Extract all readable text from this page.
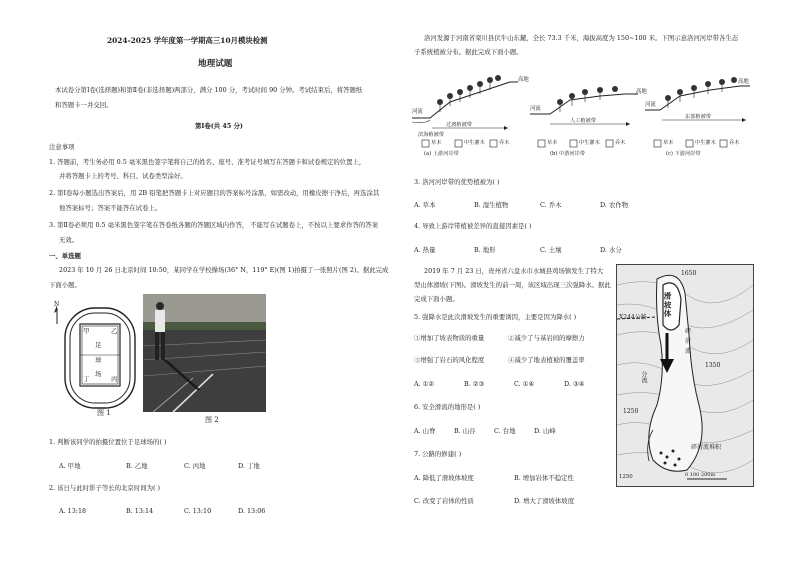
2024-2025 学年度第一学期高三10月模块检测
地理试题
本试卷分第Ⅰ卷(选择题)和第Ⅱ卷(非选择题)两部分，满分 100 分，考试时间 90 分钟。考试结束后，将答题纸
和答题卡一并交回。
第Ⅰ卷(共 45 分)
注意事项
1. 答题前，考生务必用 0.5 毫米黑色签字笔将自己的姓名、座号、准考证号填写在答题卡和试卷规定的位置上，
并将答题卡上的考号、科目、试卷类型涂好。
2. 第Ⅰ卷每小题选出答案后，用 2B 铅笔把答题卡上对应题目的答案标号涂黑，如需改动，用橡皮擦干净后，再选涂其
他答案标号；答案不能答在试卷上。
3. 第Ⅱ卷必须用 0.5 毫米黑色签字笔在答卷纸各题的答题区域内作答， 不能写在试题卷上，不按以上要求作答的答案
无效。
一、单选题
2023 年 10 月 26 日北京时间 10:50，某同学在学校操场(36° N，119° E)(图 1)拍摄了一张照片(图 2)。据此完成
下面小题。
N
甲	乙
足
球
场
丁	丙
图 1
图 2
1. 判断该同学的拍摄位置位于足球场的( )
A. 甲地	B. 乙地	C. 丙地	D. 丁地
2. 该日与此时影子等长的北京时间为( )
A. 13:18	B. 13:14	C. 13:10	D. 13:06
洛河发源于河南省栾川县伏牛山东麓，全长 73.3 千米，海拔高度为 150~100 米。下图示意洛河河岸带各生态
子系统植被分布。据此完成下面小题。
河流
高地
过渡植被带
滨海植被带
河流
高地
人工植被带
河流
高地
东部植被带
草本	中生灌木	乔木	草本	中生灌木	乔木	草本	中生灌木	乔木
(a) 上游河岸带	(b) 中游河岸带	(c) 下游河岸带
3. 洛河河岸带的优势植被为( )
A. 草本	B. 湿生植物	C. 乔木	D. 农作物
4. 导致上游岸带植被差异的直接因素是( )
A. 热量	B. 地形	C. 土壤	D. 水分
2019 年 7 月 23 日，贵州省六盘水市水城县鸡场镇发生了特大
型山体滑坡(下图)。滑坡发生的前一周，该区域出现三次强降水。据此
完成下面小题。
5. 强降水是此次滑坡发生的重要诱因，主要是因为降水( )
①增加了坡表物质的重量	②减少了与基岩间的摩擦力
③增强了岩石的风化程度	④减少了地表植被的覆盖率
A. ①②	B. ②③	C. ①④	D. ③④
6. 安全滑流的地形是( )
A. 山脊	B. 山谷	C. 台地	D. 山峰
7. 公路的修建( )
A. 降低了滑坡体坡度	B. 增加岩体不稳定性
C. 改变了岩体的性质	D. 增大了滑坡体坡度
滑坡体
1650
X244公路
碎
屑
流
1350
分流
1250
碎屑流堆积
1250	0 100 200m
